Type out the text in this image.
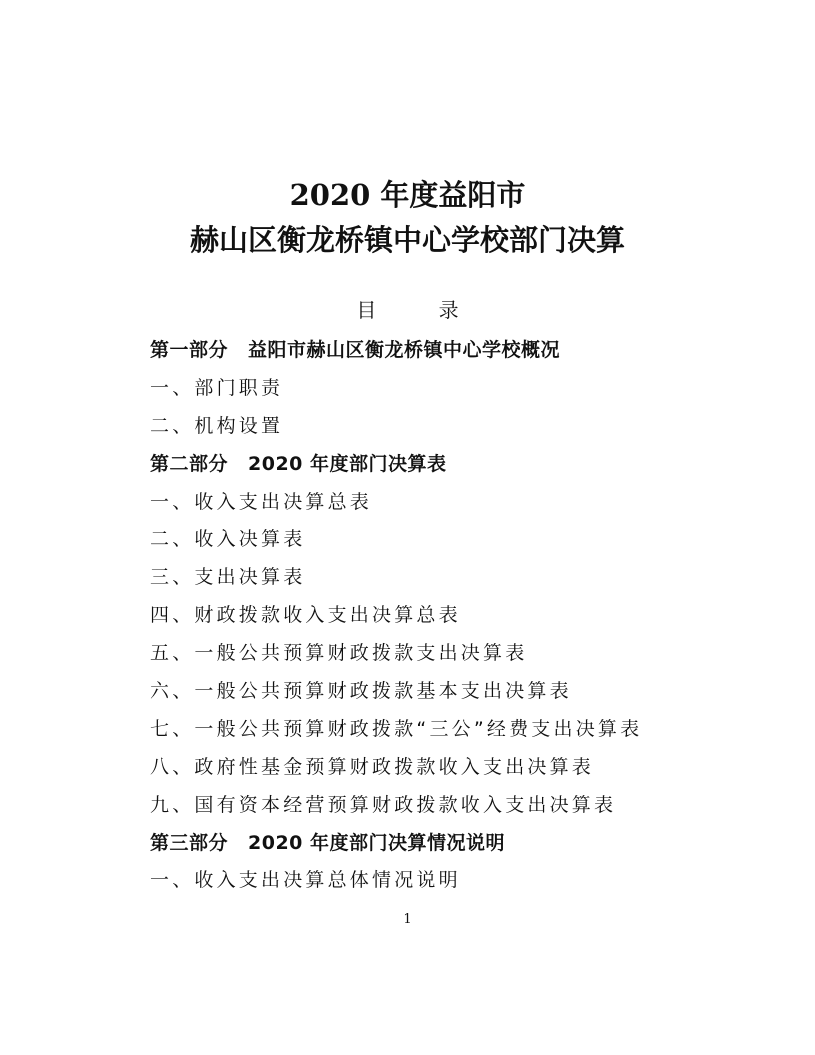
2020 年度益阳市
赫山区衡龙桥镇中心学校部门决算
目 录
第一部分 益阳市赫山区衡龙桥镇中心学校概况
一、部门职责
二、机构设置
第二部分 2020 年度部门决算表
一、收入支出决算总表
二、收入决算表
三、支出决算表
四、财政拨款收入支出决算总表
五、一般公共预算财政拨款支出决算表
六、一般公共预算财政拨款基本支出决算表
七、一般公共预算财政拨款“三公”经费支出决算表
八、政府性基金预算财政拨款收入支出决算表
九、国有资本经营预算财政拨款收入支出决算表
第三部分 2020 年度部门决算情况说明
一、收入支出决算总体情况说明
1
